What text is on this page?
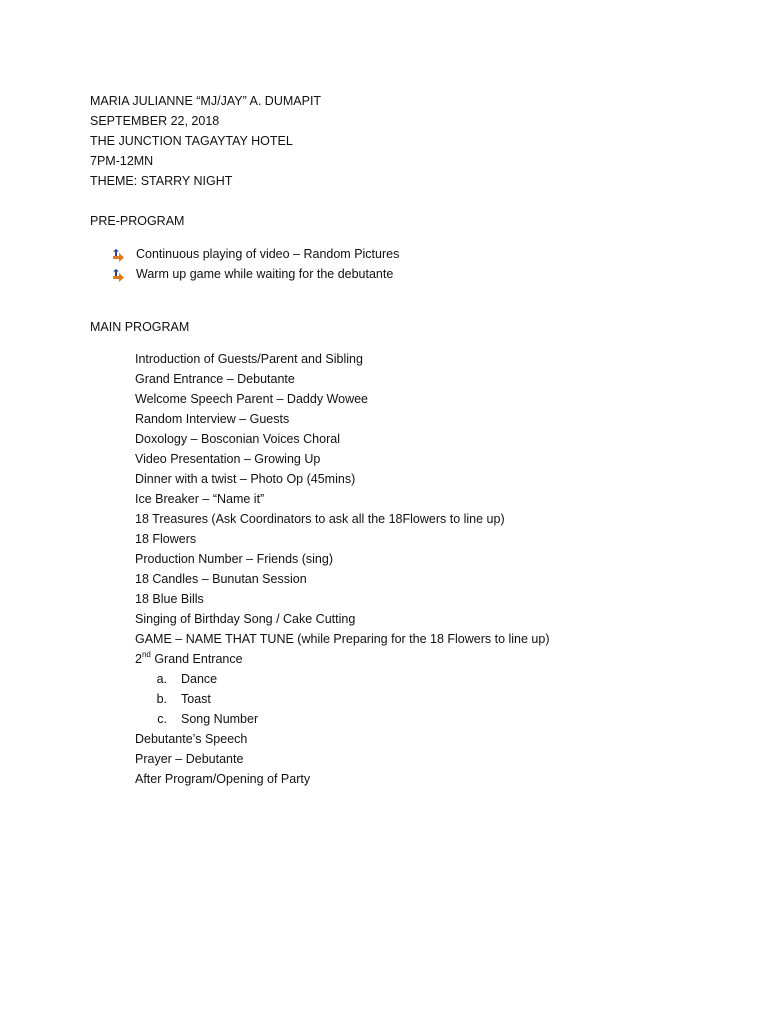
MARIA JULIANNE “MJ/JAY” A. DUMAPIT
SEPTEMBER 22, 2018
THE JUNCTION TAGAYTAY HOTEL
7PM-12MN
THEME: STARRY NIGHT
PRE-PROGRAM
Continuous playing of video – Random Pictures
Warm up game while waiting for the debutante
MAIN PROGRAM
Introduction of Guests/Parent and Sibling
Grand Entrance – Debutante
Welcome Speech Parent – Daddy Wowee
Random Interview – Guests
Doxology – Bosconian Voices Choral
Video Presentation – Growing Up
Dinner with a twist – Photo Op (45mins)
Ice Breaker – “Name it”
18 Treasures (Ask Coordinators to ask all the 18Flowers to line up)
18 Flowers
Production Number – Friends (sing)
18 Candles – Bunutan Session
18 Blue Bills
Singing of Birthday Song / Cake Cutting
GAME – NAME THAT TUNE (while Preparing for the 18 Flowers to line up)
2nd Grand Entrance
a. Dance
b. Toast
c. Song Number
Debutante’s Speech
Prayer – Debutante
After Program/Opening of Party
